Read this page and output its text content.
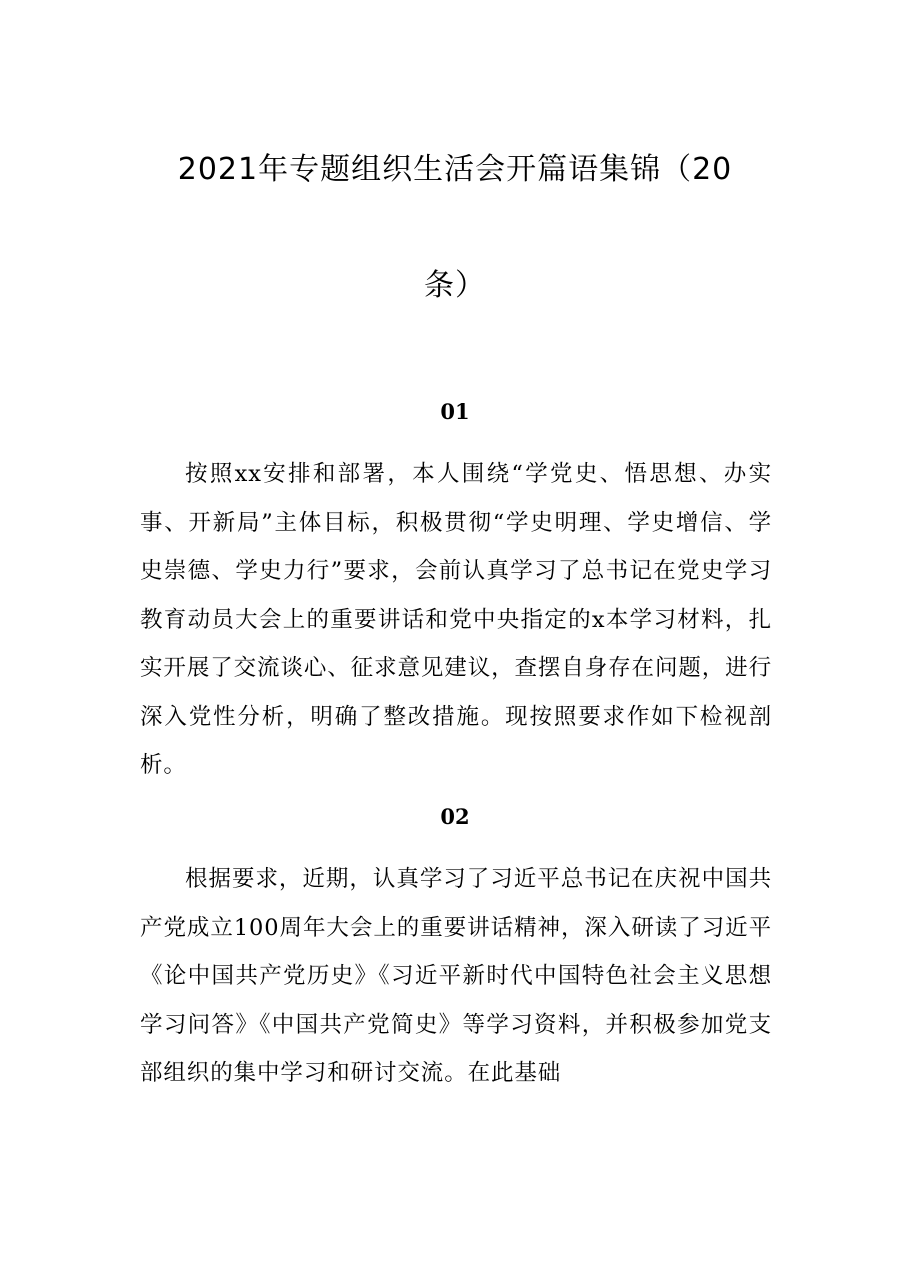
2021年专题组织生活会开篇语集锦（20
条）
01

按照xx安排和部署，本人围绕“学党史、悟思想、办实事、开新局”主体目标，积极贯彻“学史明理、学史增信、学史崇德、学史力行”要求，会前认真学习了总书记在党史学习教育动员大会上的重要讲话和党中央指定的x本学习材料，扎实开展了交流谈心、征求意见建议，查摆自身存在问题，进行深入党性分析，明确了整改措施。现按照要求作如下检视剖析。

02

根据要求，近期，认真学习了习近平总书记在庆祝中国共产党成立100周年大会上的重要讲话精神，深入研读了习近平《论中国共产党历史》《习近平新时代中国特色社会主义思想学习问答》《中国共产党简史》等学习资料，并积极参加党支部组织的集中学习和研讨交流。在此基础
